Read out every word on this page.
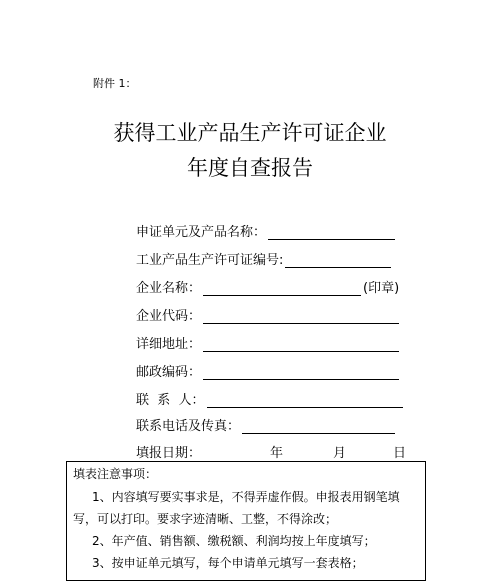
附件 1：
获得工业产品生产许可证企业
年度自查报告
申证单元及产品名称：
工业产品生产许可证编号:
企业名称：	(印章)
企业代码：
详细地址：
邮政编码：
联  系  人：
联系电话及传真：
填报日期：	年	月	日
填表注意事项：
1、内容填写要实事求是，不得弄虚作假。申报表用钢笔填
写，可以打印。要求字迹清晰、工整，不得涂改；
2、年产值、销售额、缴税额、利润均按上年度填写；
3、按申证单元填写，每个申请单元填写一套表格；
